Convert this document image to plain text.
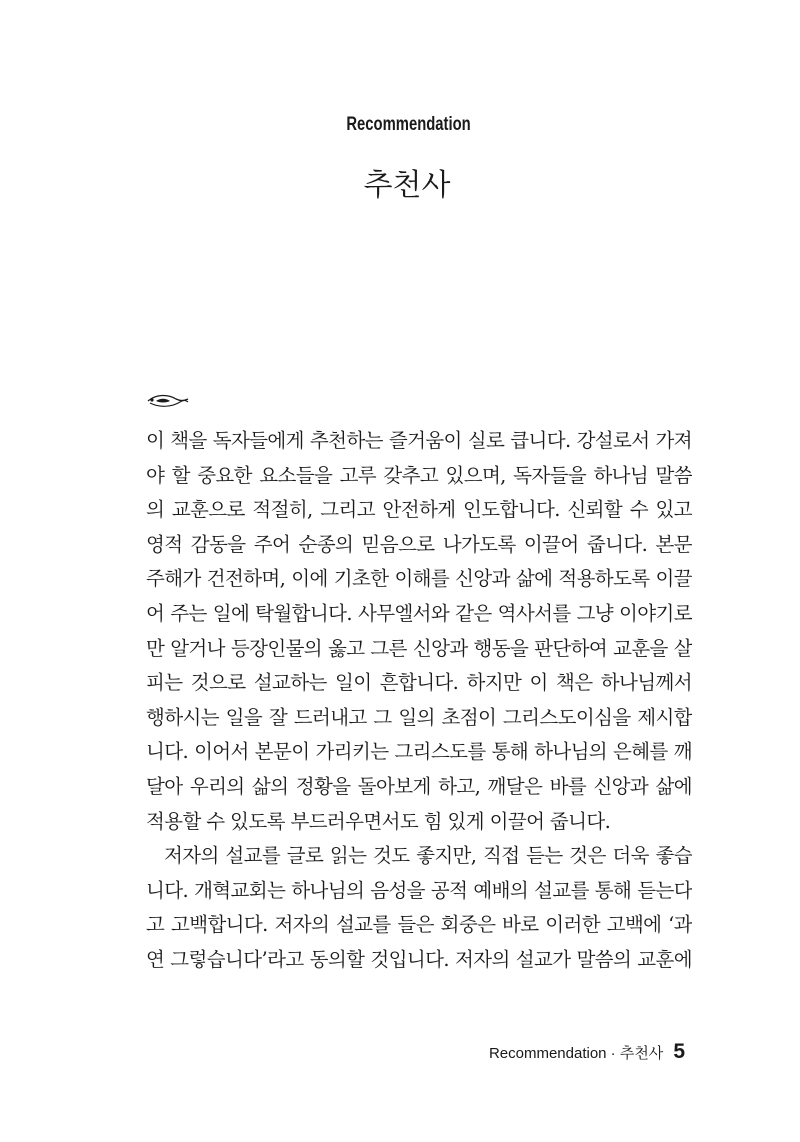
Recommendation
추천사
이 책을 독자들에게 추천하는 즐거움이 실로 큽니다. 강설로서 가져
야 할 중요한 요소들을 고루 갖추고 있으며, 독자들을 하나님 말씀
의 교훈으로 적절히, 그리고 안전하게 인도합니다. 신뢰할 수 있고
영적 감동을 주어 순종의 믿음으로 나가도록 이끌어 줍니다. 본문
주해가 건전하며, 이에 기초한 이해를 신앙과 삶에 적용하도록 이끌
어 주는 일에 탁월합니다. 사무엘서와 같은 역사서를 그냥 이야기로
만 알거나 등장인물의 옳고 그른 신앙과 행동을 판단하여 교훈을 살
피는 것으로 설교하는 일이 흔합니다. 하지만 이 책은 하나님께서
행하시는 일을 잘 드러내고 그 일의 초점이 그리스도이심을 제시합
니다. 이어서 본문이 가리키는 그리스도를 통해 하나님의 은혜를 깨
달아 우리의 삶의 정황을 돌아보게 하고, 깨달은 바를 신앙과 삶에
적용할 수 있도록 부드러우면서도 힘 있게 이끌어 줍니다.
저자의 설교를 글로 읽는 것도 좋지만, 직접 듣는 것은 더욱 좋습
니다. 개혁교회는 하나님의 음성을 공적 예배의 설교를 통해 듣는다
고 고백합니다. 저자의 설교를 들은 회중은 바로 이러한 고백에 ‘과
연 그렇습니다’라고 동의할 것입니다. 저자의 설교가 말씀의 교훈에
Recommendation · 추천사 5
